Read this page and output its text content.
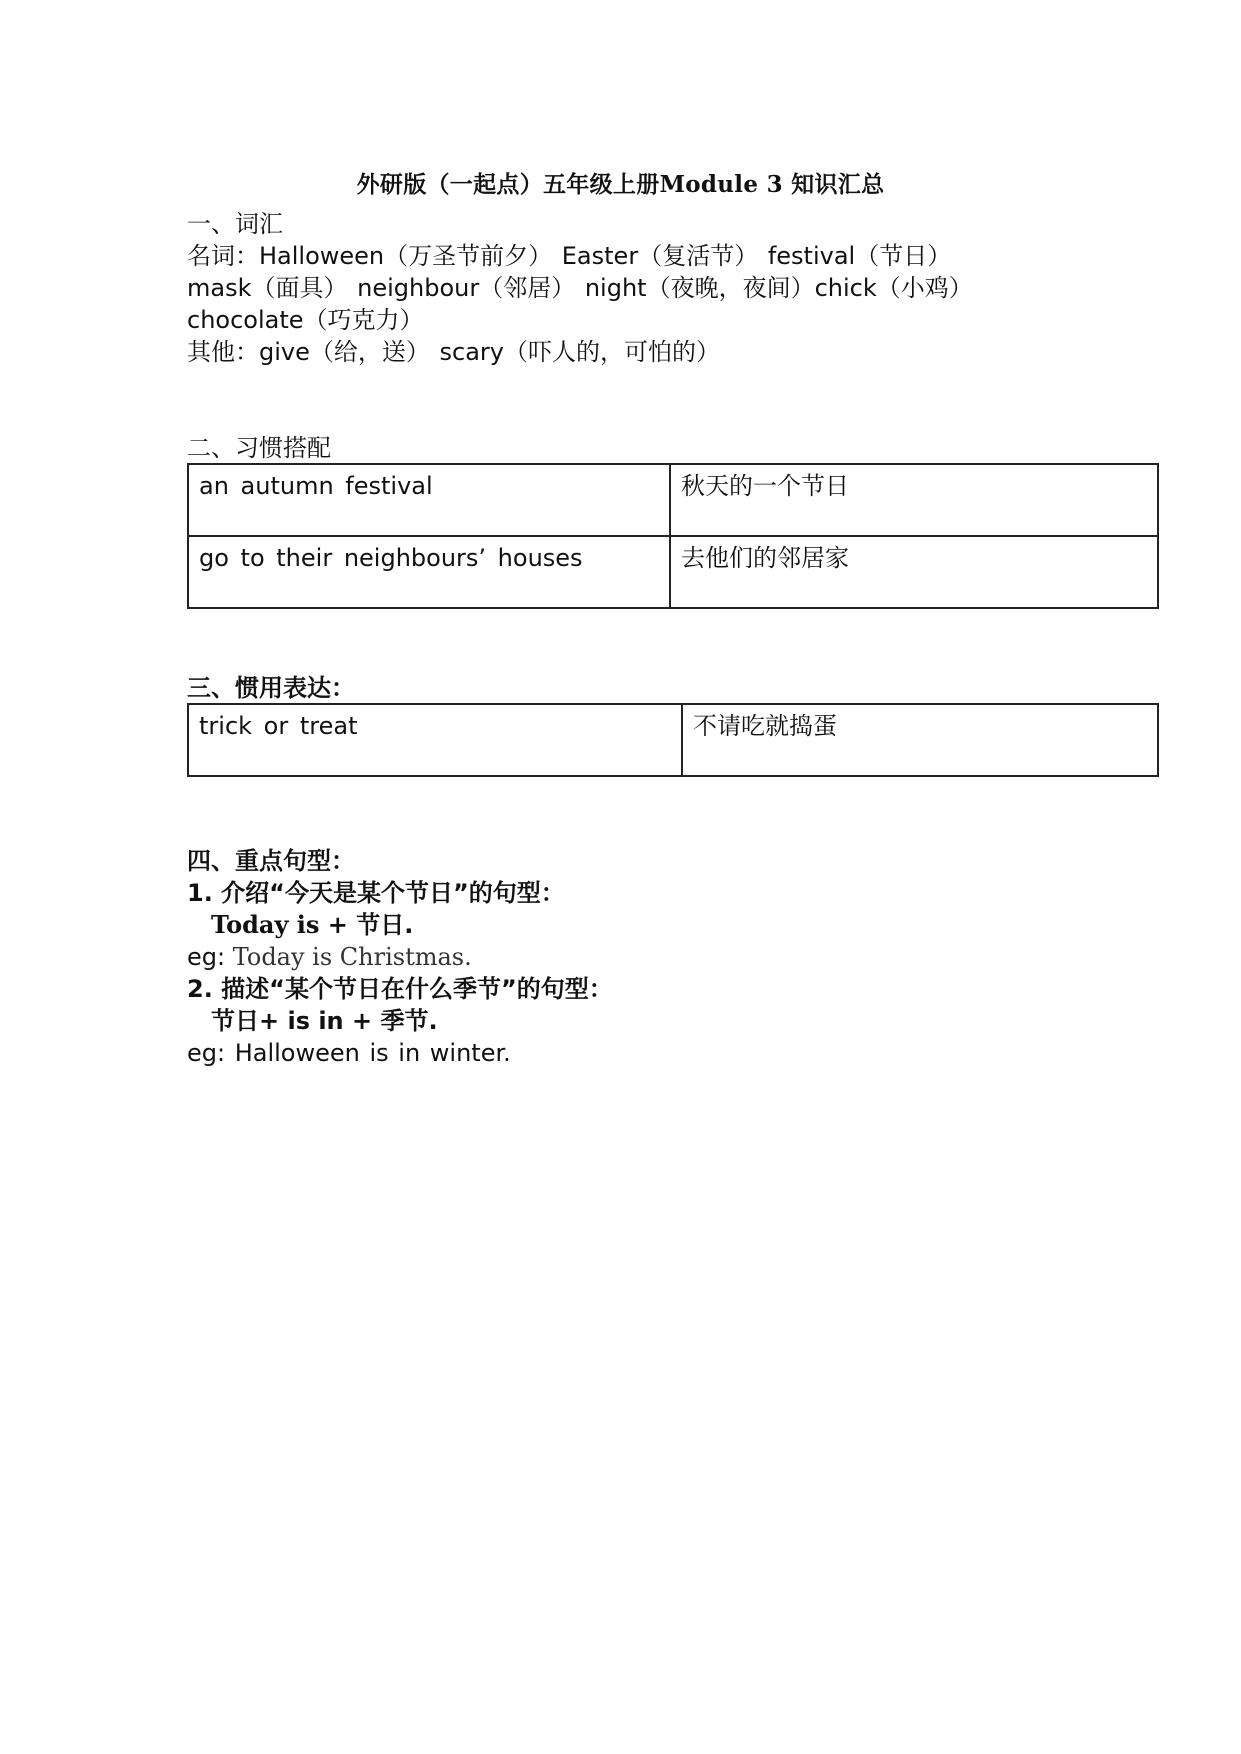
外研版（一起点）五年级上册Module 3 知识汇总
一、词汇
名词：Halloween（万圣节前夕） Easter（复活节） festival（节日）
mask（面具） neighbour（邻居） night（夜晚，夜间）chick（小鸡）
chocolate（巧克力）
其他：give（给，送） scary（吓人的，可怕的）
二、习惯搭配
an autumn festival	秋天的一个节日
go to their neighbours’ houses	去他们的邻居家
三、惯用表达：
trick or treat	不请吃就捣蛋
四、重点句型：
1. 介绍“今天是某个节日”的句型：
Today is + 节日.
eg: Today is Christmas.
2. 描述“某个节日在什么季节”的句型：
节日+ is in + 季节.
eg: Halloween is in winter.
